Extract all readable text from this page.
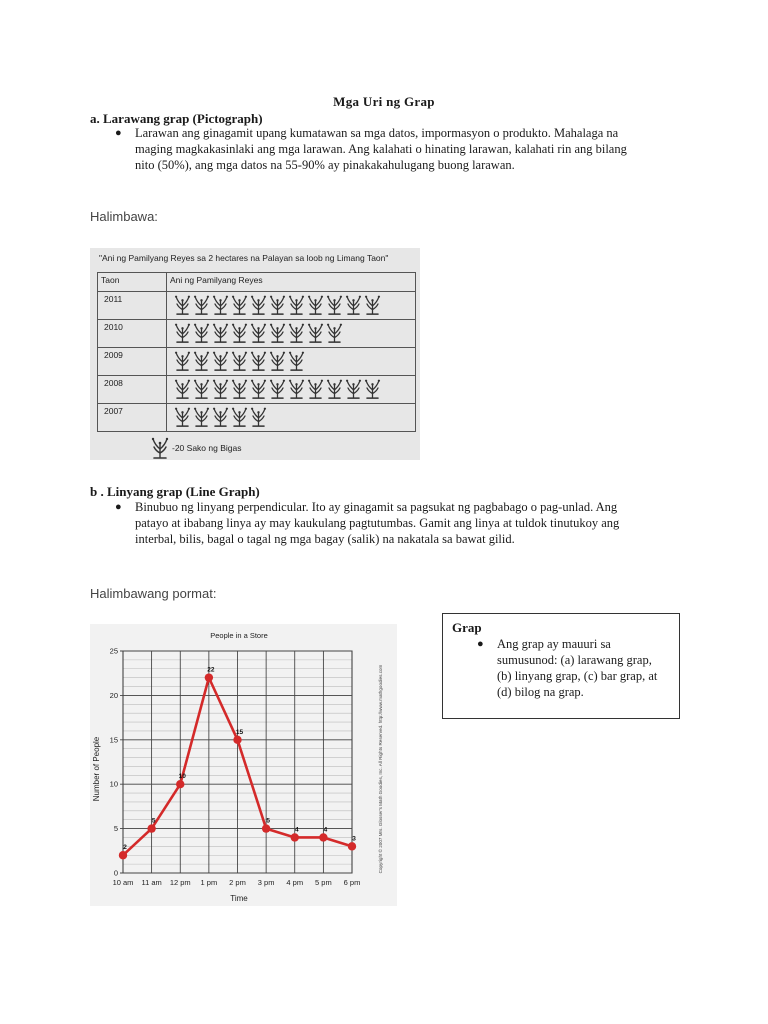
Mga Uri ng Grap
a. Larawang grap (Pictograph)
● Larawan ang ginagamit upang kumatawan sa mga datos, impormasyon o produkto. Mahalaga na
maging magkakasinlaki ang mga larawan. Ang kalahati o hinating larawan, kalahati rin ang bilang
nito (50%), ang mga datos na 55-90% ay pinakakahulugang buong larawan.
Halimbawa:
"Ani ng Pamilyang Reyes sa 2 hectares na Palayan sa loob ng Limang Taon"
Taon	Ani ng Pamilyang Reyes
2011	

2010	

2009	

2008	

2007	
-20 Sako ng Bigas
b . Linyang grap (Line Graph)
● Binubuo ng linyang perpendicular. Ito ay ginagamit sa pagsukat ng pagbabago o pag-unlad. Ang
patayo at ibabang linya ay may kaukulang pagtutumbas. Gamit ang linya at tuldok tinutukoy ang
interbal, bilis, bagal o tagal ng mga bagay (salik) na nakatala sa bawat gilid.
Halimbawang pormat:
People in a Store
0
5
10
15
20
25
10 am 11 am 12 pm 1 pm 2 pm 3 pm 4 pm 5 pm 6 pm
2
5
10
22
15
5
4	4
3
Time
Number of People	Copyright © 2007 Mrs. Glosser's Math Goodies, Inc. All Rights Reserved. http://www.mathgoodies.com
Grap
● Ang grap ay mauuri sa
sumusunod: (a) larawang grap,
(b) linyang grap, (c) bar grap, at
(d) bilog na grap.
